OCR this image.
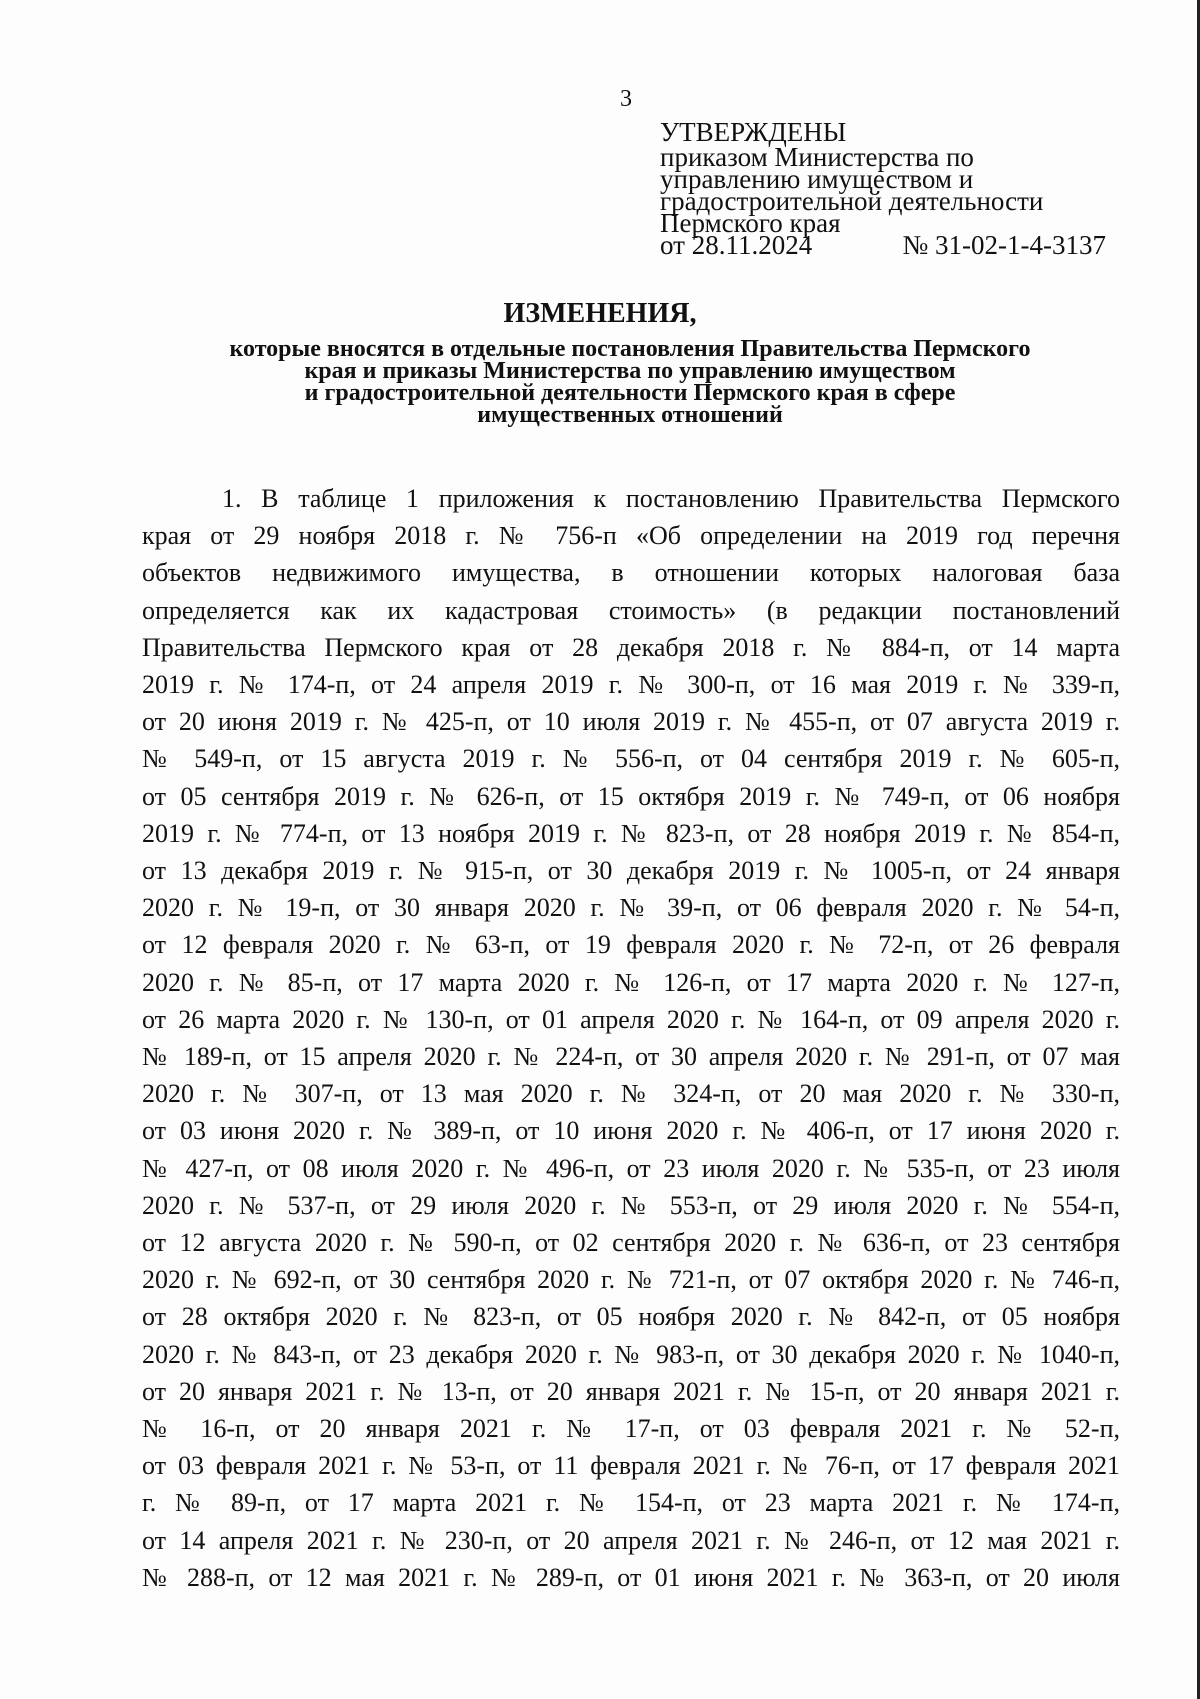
3
УТВЕРЖДЕНЫ
приказом Министерства по
управлению имуществом и
градостроительной деятельности
Пермского края
от 28.11.2024	№ 31-02-1-4-3137
ИЗМЕНЕНИЯ,
которые вносятся в отдельные постановления Правительства Пермского
края и приказы Министерства по управлению имуществом
и градостроительной деятельности Пермского края в сфере
имущественных отношений
1. В таблице 1 приложения к постановлению Правительства Пермского
края от 29 ноября 2018 г. № 756-п «Об определении на 2019 год перечня
объектов недвижимого имущества, в отношении которых налоговая база
определяется как их кадастровая стоимость» (в редакции постановлений
Правительства Пермского края от 28 декабря 2018 г. № 884-п, от 14 марта
2019 г. № 174-п, от 24 апреля 2019 г. № 300-п, от 16 мая 2019 г. № 339-п,
от 20 июня 2019 г. № 425-п, от 10 июля 2019 г. № 455-п, от 07 августа 2019 г.
№ 549-п, от 15 августа 2019 г. № 556-п, от 04 сентября 2019 г. № 605-п,
от 05 сентября 2019 г. № 626-п, от 15 октября 2019 г. № 749-п, от 06 ноября
2019 г. № 774-п, от 13 ноября 2019 г. № 823-п, от 28 ноября 2019 г. № 854-п,
от 13 декабря 2019 г. № 915-п, от 30 декабря 2019 г. № 1005-п, от 24 января
2020 г. № 19-п, от 30 января 2020 г. № 39-п, от 06 февраля 2020 г. № 54-п,
от 12 февраля 2020 г. № 63-п, от 19 февраля 2020 г. № 72-п, от 26 февраля
2020 г. № 85-п, от 17 марта 2020 г. № 126-п, от 17 марта 2020 г. № 127-п,
от 26 марта 2020 г. № 130-п, от 01 апреля 2020 г. № 164-п, от 09 апреля 2020 г.
№ 189-п, от 15 апреля 2020 г. № 224-п, от 30 апреля 2020 г. № 291-п, от 07 мая
2020 г. № 307-п, от 13 мая 2020 г. № 324-п, от 20 мая 2020 г. № 330-п,
от 03 июня 2020 г. № 389-п, от 10 июня 2020 г. № 406-п, от 17 июня 2020 г.
№ 427-п, от 08 июля 2020 г. № 496-п, от 23 июля 2020 г. № 535-п, от 23 июля
2020 г. № 537-п, от 29 июля 2020 г. № 553-п, от 29 июля 2020 г. № 554-п,
от 12 августа 2020 г. № 590-п, от 02 сентября 2020 г. № 636-п, от 23 сентября
2020 г. № 692-п, от 30 сентября 2020 г. № 721-п, от 07 октября 2020 г. № 746-п,
от 28 октября 2020 г. № 823-п, от 05 ноября 2020 г. № 842-п, от 05 ноября
2020 г. № 843-п, от 23 декабря 2020 г. № 983-п, от 30 декабря 2020 г. № 1040-п,
от 20 января 2021 г. № 13-п, от 20 января 2021 г. № 15-п, от 20 января 2021 г.
№ 16-п, от 20 января 2021 г. № 17-п, от 03 февраля 2021 г. № 52-п,
от 03 февраля 2021 г. № 53-п, от 11 февраля 2021 г. № 76-п, от 17 февраля 2021
г. № 89-п, от 17 марта 2021 г. № 154-п, от 23 марта 2021 г. № 174-п,
от 14 апреля 2021 г. № 230-п, от 20 апреля 2021 г. № 246-п, от 12 мая 2021 г.
№ 288-п, от 12 мая 2021 г. № 289-п, от 01 июня 2021 г. № 363-п, от 20 июля
